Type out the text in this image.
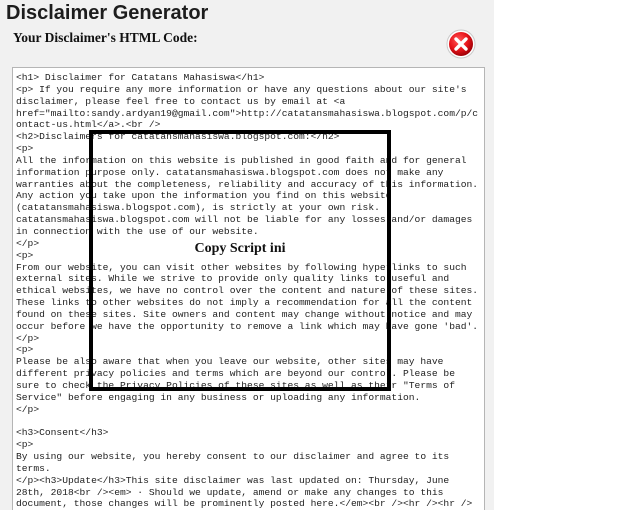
Disclaimer Generator
Your Disclaimer's HTML Code:
<h1> Disclaimer for Catatans Mahasiswa</h1>
<p> If you require any more information or have any questions about our site's
disclaimer, please feel free to contact us by email at <a
href="mailto:sandy.ardyan19@gmail.com">http://catatansmahasiswa.blogspot.com/p/c
ontact-us.html</a>.<br />
<h2>Disclaimers for catatansmahasiswa.blogspot.com:</h2>
<p>
All the information on this website is published in good faith and for general
information purpose only. catatansmahasiswa.blogspot.com does not make any
warranties about the completeness, reliability and accuracy of this information.
Any action you take upon the information you find on this website
(catatansmahasiswa.blogspot.com), is strictly at your own risk.
catatansmahasiswa.blogspot.com will not be liable for any losses and/or damages
in connection with the use of our website.
</p>
<p>
From our website, you can visit other websites by following hyperlinks to such
external sites. While we strive to provide only quality links to useful and
ethical websites, we have no control over the content and nature of these sites.
These links to other websites do not imply a recommendation for all the content
found on these sites. Site owners and content may change without notice and may
occur before we have the opportunity to remove a link which may have gone 'bad'.
</p>
<p>
Please be also aware that when you leave our website, other sites may have
different privacy policies and terms which are beyond our control. Please be
sure to check the Privacy Policies of these sites as well as their "Terms of
Service" before engaging in any business or uploading any information.
</p>

<h3>Consent</h3>
<p>
By using our website, you hereby consent to our disclaimer and agree to its
terms.
</p><h3>Update</h3>This site disclaimer was last updated on: Thursday, June
28th, 2018<br /><em> · Should we update, amend or make any changes to this
document, those changes will be prominently posted here.</em><br /><hr /><hr />

Copy Script ini
